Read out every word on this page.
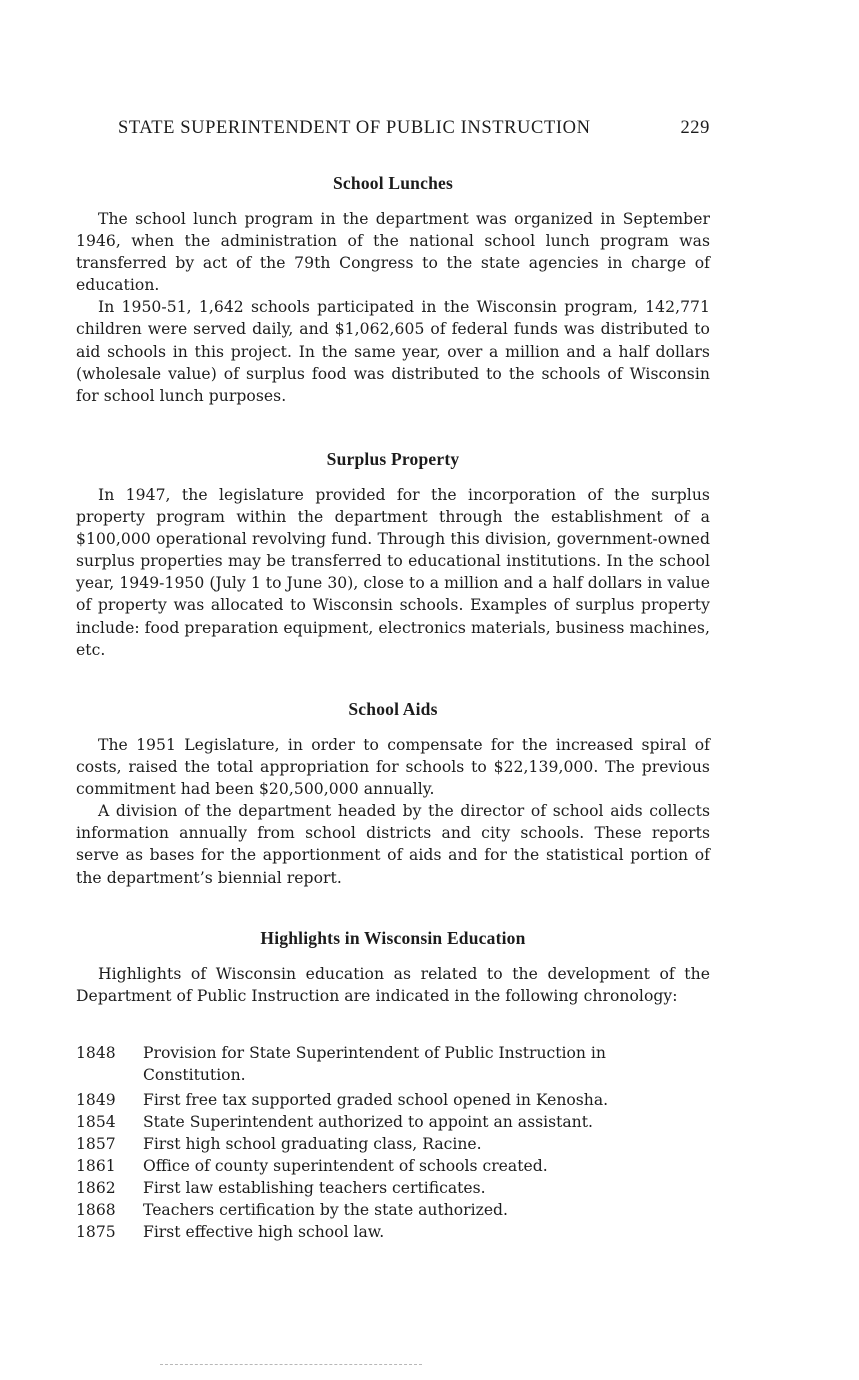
STATE SUPERINTENDENT OF PUBLIC INSTRUCTION	229
School Lunches

The school lunch program in the department was organized in September 1946, when the administration of the national school lunch program was transferred by act of the 79th Congress to the state agencies in charge of education.

In 1950-51, 1,642 schools participated in the Wisconsin program, 142,771 children were served daily, and $1,062,605 of federal funds was distributed to aid schools in this project. In the same year, over a million and a half dollars (wholesale value) of surplus food was distributed to the schools of Wisconsin for school lunch purposes.

Surplus Property

In 1947, the legislature provided for the incorporation of the surplus property program within the department through the establishment of a $100,000 operational revolving fund. Through this division, government-owned surplus properties may be transferred to educational institutions. In the school year, 1949-1950 (July 1 to June 30), close to a million and a half dollars in value of property was allocated to Wisconsin schools. Examples of surplus property include: food preparation equipment, electronics materials, business machines, etc.

School Aids

The 1951 Legislature, in order to compensate for the increased spiral of costs, raised the total appropriation for schools to $22,139,000. The previous commitment had been $20,500,000 annually.

A division of the department headed by the director of school aids collects information annually from school districts and city schools. These reports serve as bases for the apportionment of aids and for the statistical portion of the department’s biennial report.

Highlights in Wisconsin Education

Highlights of Wisconsin education as related to the development of the Department of Public Instruction are indicated in the following chronology:

1848	Provision for State Superintendent of Public Instruction in Constitution.
1849	First free tax supported graded school opened in Kenosha.
1854	State Superintendent authorized to appoint an assistant.
1857	First high school graduating class, Racine.
1861	Office of county superintendent of schools created.
1862	First law establishing teachers certificates.
1868	Teachers certification by the state authorized.
1875	First effective high school law.
